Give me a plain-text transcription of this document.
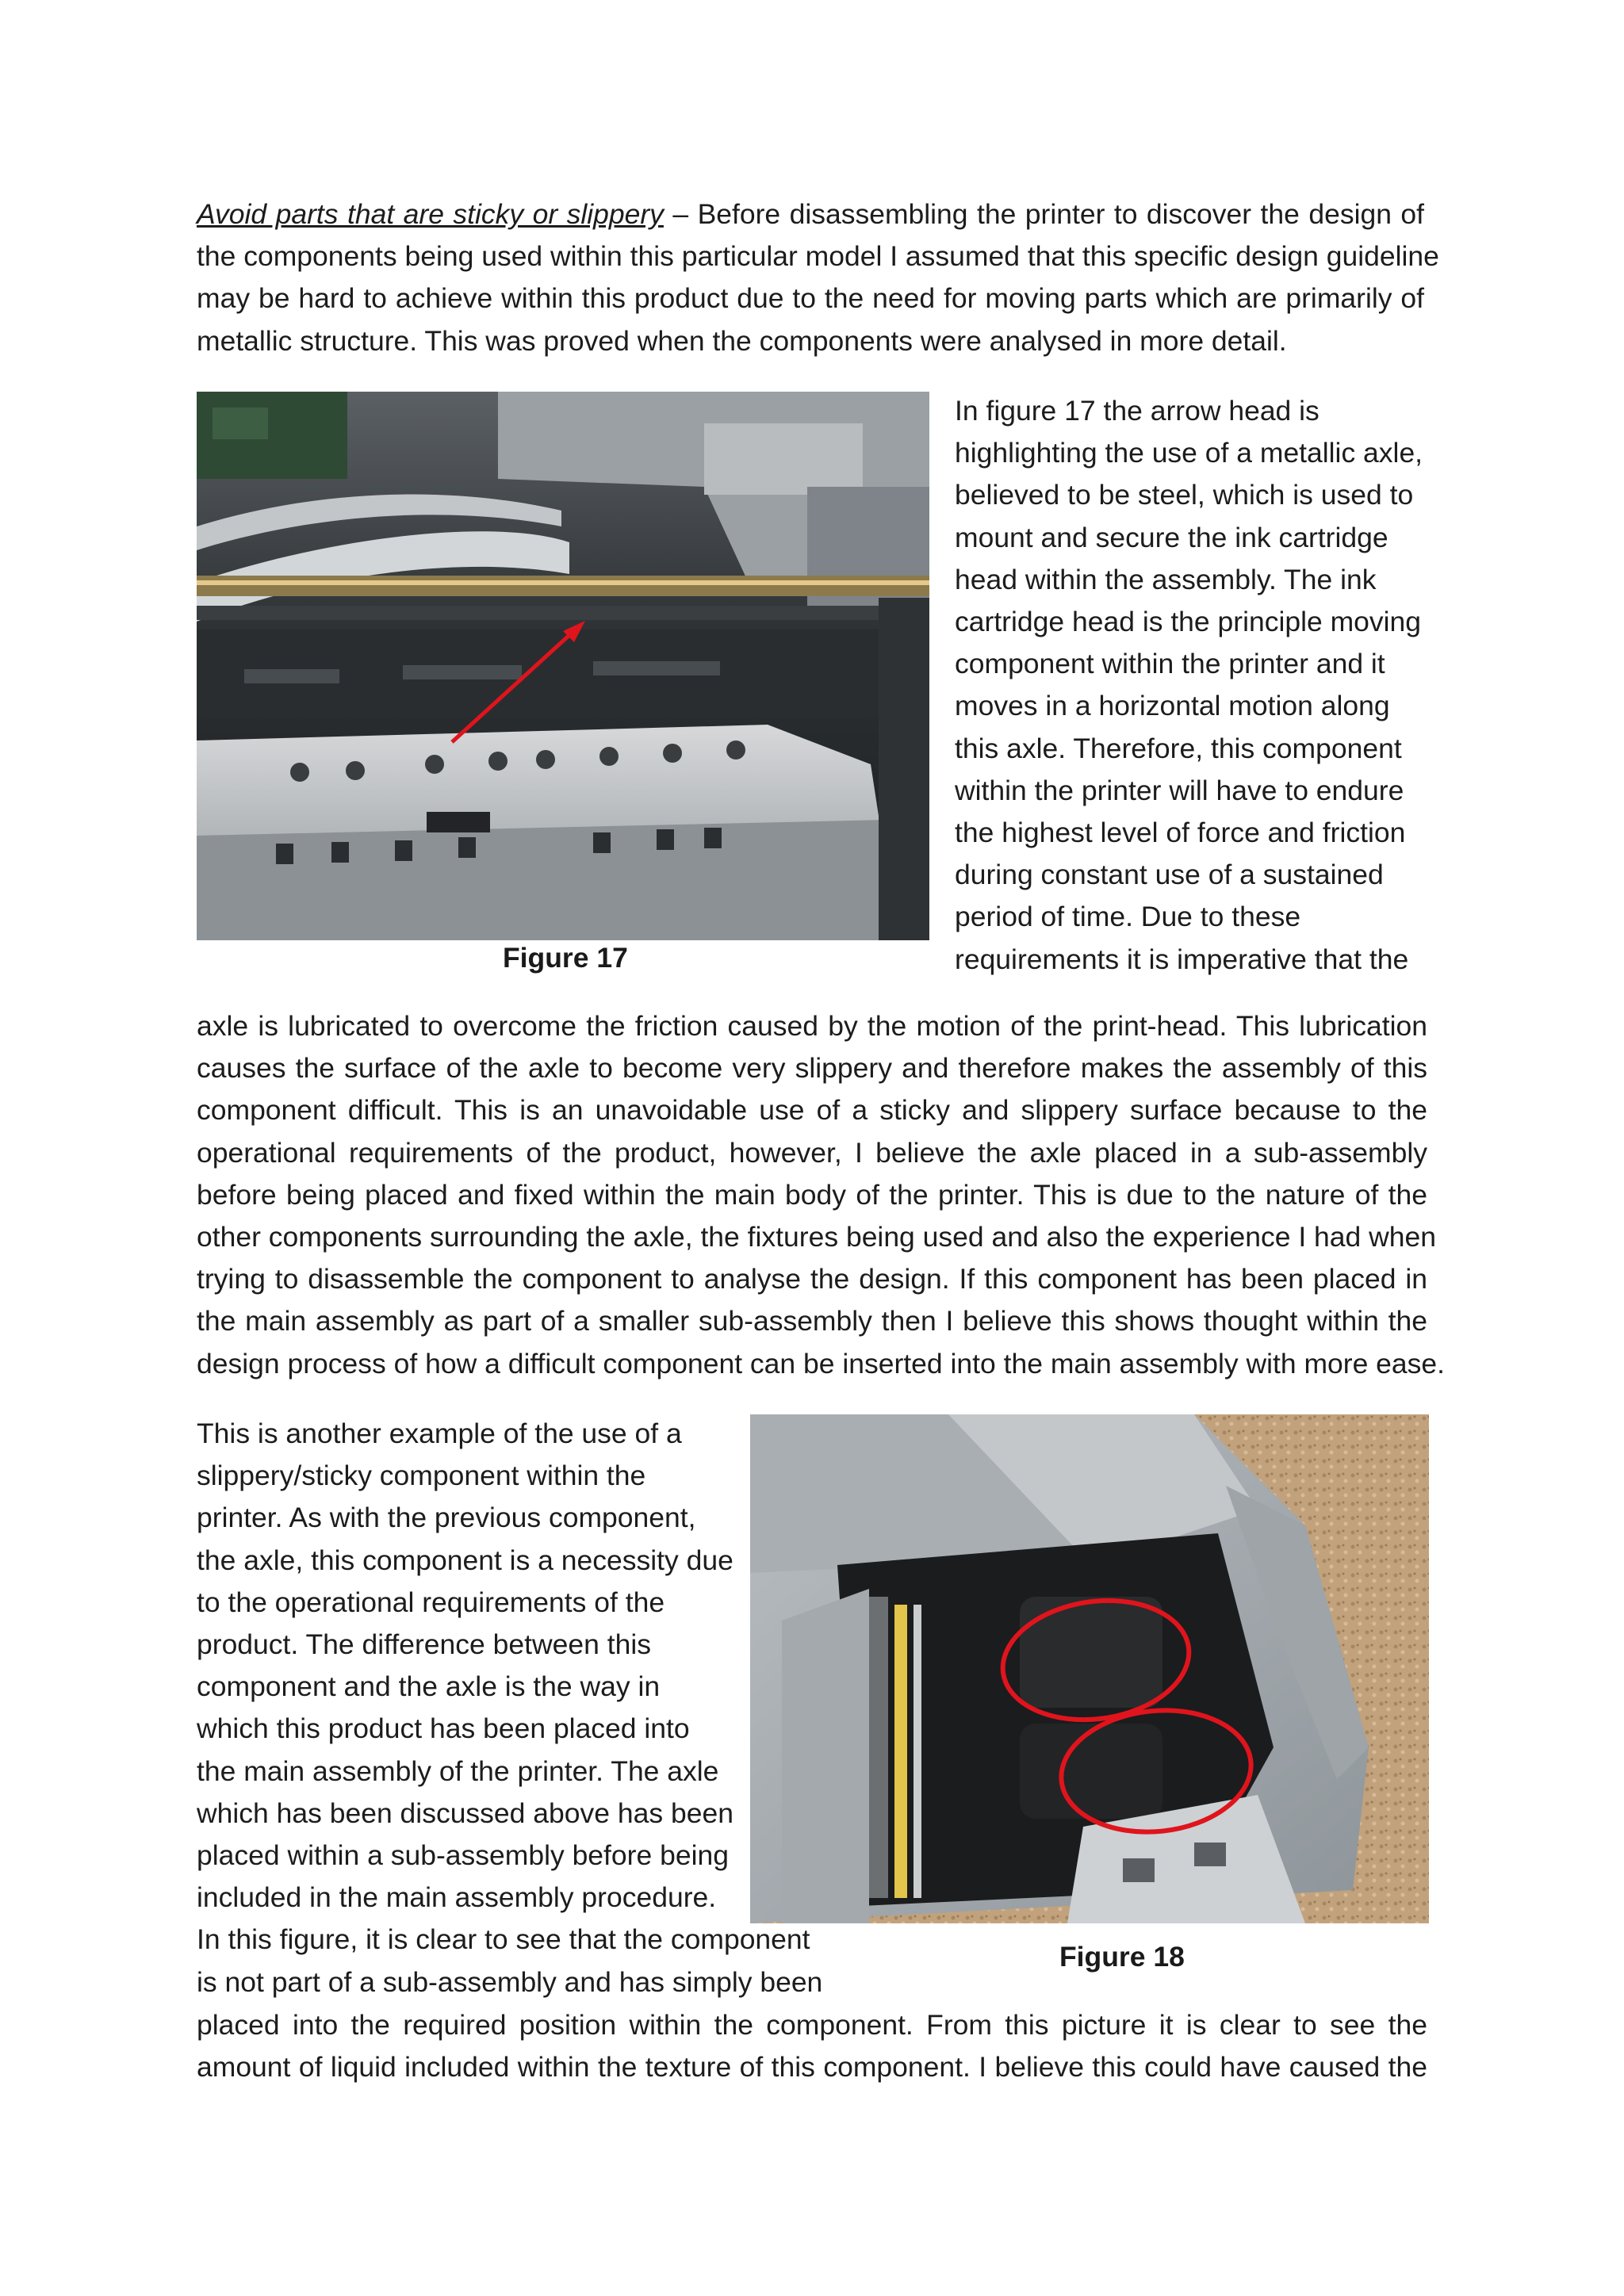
Avoid parts that are sticky or slippery – Before disassembling the printer to discover the design of
the components being used within this particular model I assumed that this specific design guideline
may be hard to achieve within this product due to the need for moving parts which are primarily of
metallic structure. This was proved when the components were analysed in more detail.
In figure 17 the arrow head is
highlighting the use of a metallic axle,
believed to be steel, which is used to
mount and secure the ink cartridge
head within the assembly. The ink
cartridge head is the principle moving
component within the printer and it
moves in a horizontal motion along
this axle. Therefore, this component
within the printer will have to endure
the highest level of force and friction
during constant use of a sustained
period of time. Due to these
requirements it is imperative that the
Figure 17
axle is lubricated to overcome the friction caused by the motion of the print-head. This lubrication
causes the surface of the axle to become very slippery and therefore makes the assembly of this
component difficult. This is an unavoidable use of a sticky and slippery surface because to the
operational requirements of the product, however, I believe the axle placed in a sub-assembly
before being placed and fixed within the main body of the printer. This is due to the nature of the
other components surrounding the axle, the fixtures being used and also the experience I had when
trying to disassemble the component to analyse the design. If this component has been placed in
the main assembly as part of a smaller sub-assembly then I believe this shows thought within the
design process of how a difficult component can be inserted into the main assembly with more ease.
This is another example of the use of a
slippery/sticky component within the
printer. As with the previous component,
the axle, this component is a necessity due
to the operational requirements of the
product. The difference between this
component and the axle is the way in
which this product has been placed into
the main assembly of the printer. The axle
which has been discussed above has been
placed within a sub-assembly before being
included in the main assembly procedure.
In this figure, it is clear to see that the component
is not part of a sub-assembly and has simply been
Figure 18
placed into the required position within the component. From this picture it is clear to see the
amount of liquid included within the texture of this component. I believe this could have caused the
